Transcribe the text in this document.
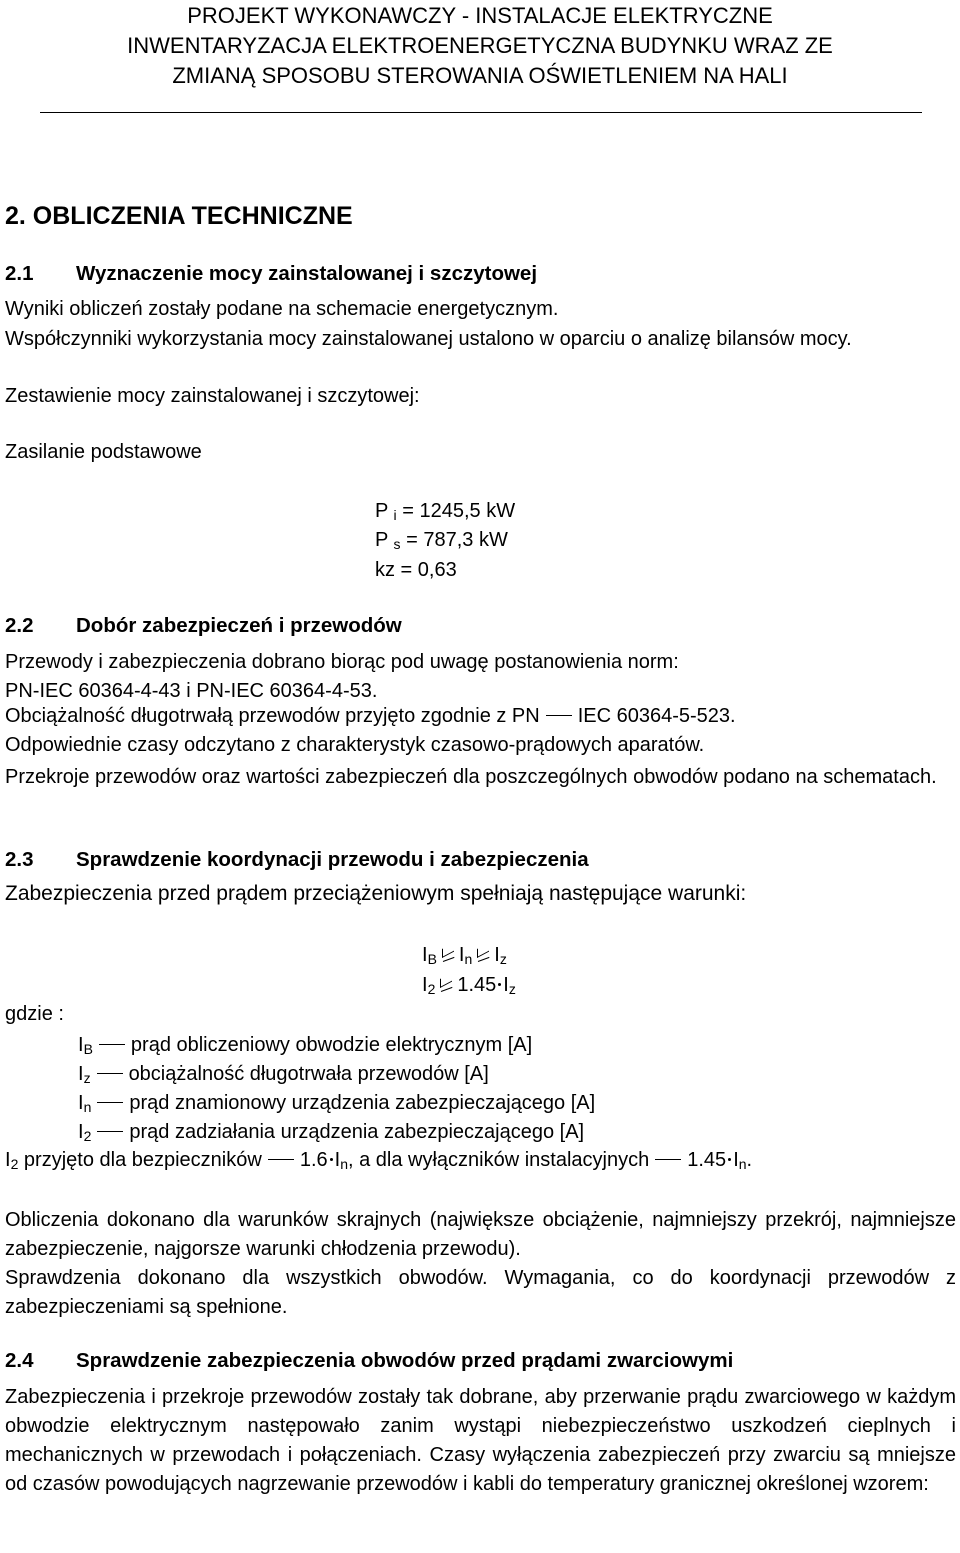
PROJEKT WYKONAWCZY - INSTALACJE ELEKTRYCZNE
INWENTARYZACJA ELEKTROENERGETYCZNA BUDYNKU WRAZ ZE
ZMIANĄ SPOSOBU STEROWANIA OŚWIETLENIEM NA HALI
2. OBLICZENIA TECHNICZNE
2.1 Wyznaczenie mocy zainstalowanej i szczytowej
Wyniki obliczeń zostały podane na schemacie energetycznym.
Współczynniki wykorzystania mocy zainstalowanej ustalono w oparciu o analizę bilansów mocy.
Zestawienie mocy zainstalowanej i szczytowej:
Zasilanie podstawowe
P $_i$ = 1245,5 kW
P $_s$ = 787,3 kW
kz = 0,63
2.2 Dobór zabezpieczeń i przewodów
Przewody i zabezpieczenia dobrano biorąc pod uwagę postanowienia norm: PN-IEC 60364-4-43 i PN-IEC 60364-4-53.
Obciążalność długotrwałą przewodów przyjęto zgodnie z PN IEC 60364-5-523.
Odpowiednie czasy odczytano z charakterystyk czasowo-prądowych aparatów.
Przekroje przewodów oraz wartości zabezpieczeń dla poszczególnych obwodów podano na schematach.
2.3 Sprawdzenie koordynacji przewodu i zabezpieczenia
Zabezpieczenia przed prądem przeciążeniowym spełniają następujące warunki:
$I_B$ $I_n$ $I_z$
$I_2$ 1.45 $I_z$
gdzie :
$I_B$ prąd obliczeniowy obwodzie elektrycznym [A]
$I_z$ obciążalność długotrwała przewodów [A]
$I_n$ prąd znamionowy urządzenia zabezpieczającego [A]
$I_2$ prąd zadziałania urządzenia zabezpieczającego [A]
$I_2$ przyjęto dla bezpieczników 1.6 $I_n$, a dla wyłączników instalacyjnych 1.45 $I_n$.
Obliczenia dokonano dla warunków skrajnych (największe obciążenie, najmniejszy przekrój, najmniejsze zabezpieczenie, najgorsze warunki chłodzenia przewodu).
Sprawdzenia dokonano dla wszystkich obwodów. Wymagania, co do koordynacji przewodów z zabezpieczeniami są spełnione.
2.4 Sprawdzenie zabezpieczenia obwodów przed prądami zwarciowymi
Zabezpieczenia i przekroje przewodów zostały tak dobrane, aby przerwanie prądu zwarciowego w każdym obwodzie elektrycznym następowało zanim wystąpi niebezpieczeństwo uszkodzeń cieplnych i mechanicznych w przewodach i połączeniach. Czasy wyłączenia zabezpieczeń przy zwarciu są mniejsze od czasów powodujących nagrzewanie przewodów i kabli do temperatury granicznej określonej wzorem:
